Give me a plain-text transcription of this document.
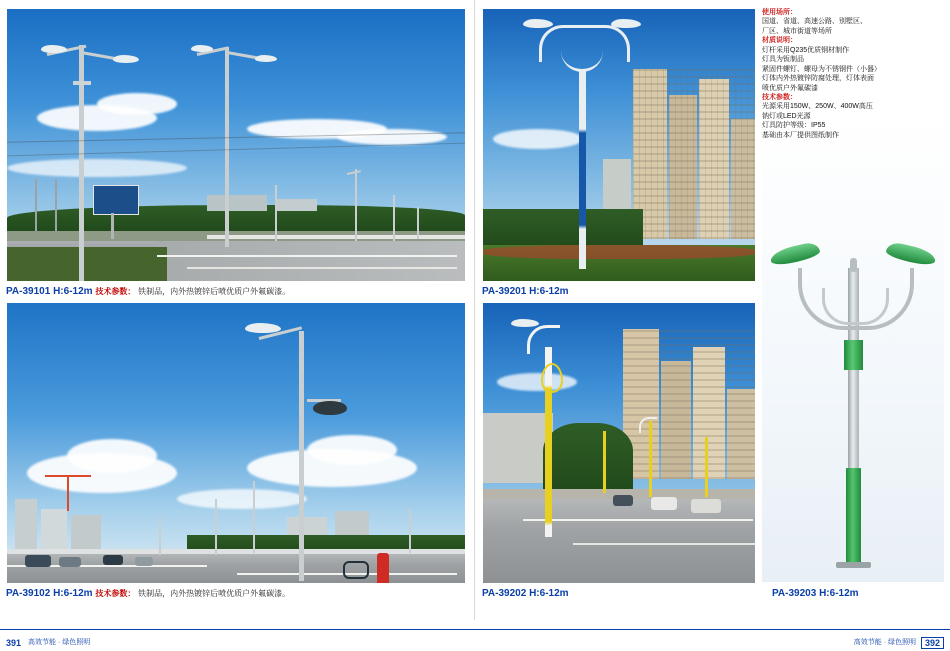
PA-39101 H:6-12m 技术参数： 铁制品，内外热镀锌后喷优质户外氟碳漆。
PA-39102 H:6-12m 技术参数： 铁制品，内外热镀锌后喷优质户外氟碳漆。
PA-39201 H:6-12m
PA-39202 H:6-12m	PA-39203 H:6-12m
使用场所：
国道、省道、高速公路、别墅区、
厂区、城市街道等场所
材质说明：
灯杆采用Q235优质钢材制作
灯具为钣制品
紧固件螺钉、螺母为不锈钢件（小器）
灯体内外热镀锌防腐处理，灯体表面
喷优质户外氟碳漆
技术参数：
光源采用150W、250W、400W高压
钠灯或LED光源
灯具防护等级：IP55
基础由本厂提供图纸制作
391 高效节能 · 绿色照明	高效节能 · 绿色照明 392
